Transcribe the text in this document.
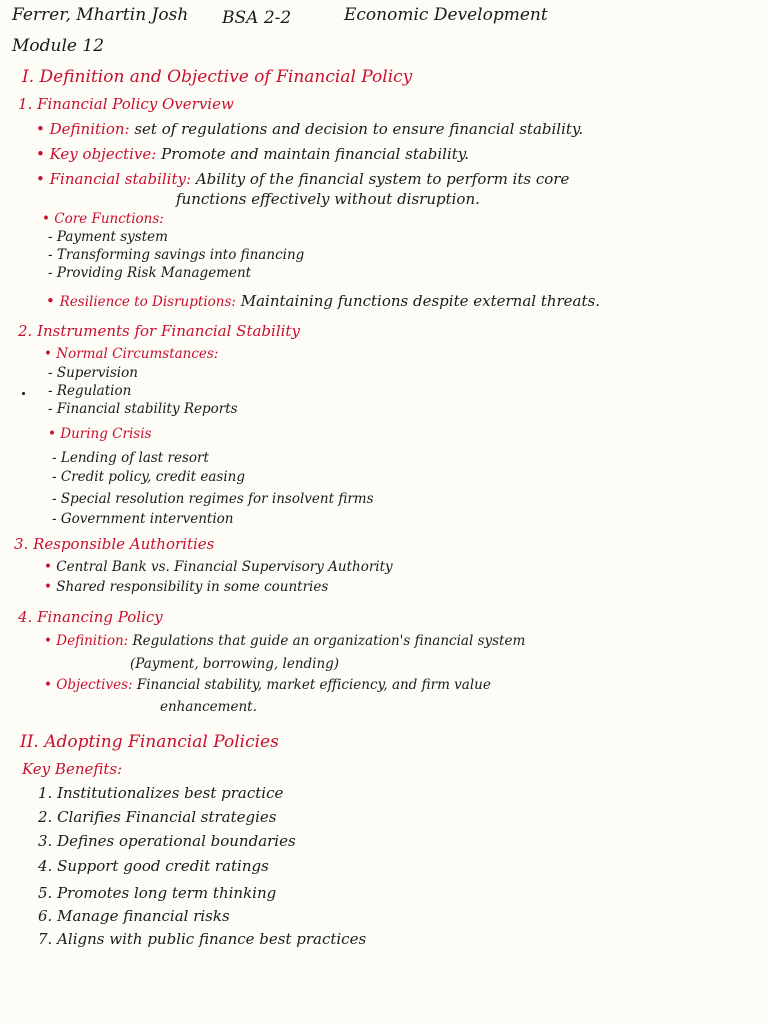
Ferrer, Mhartin Josh BSA 2-2	Economic Development
Module 12
I. Definition and Objective of Financial Policy
1. Financial Policy Overview
• Definition: set of regulations and decision to ensure financial stability.
• Key objective: Promote and maintain financial stability.
• Financial stability: Ability of the financial system to perform its core
functions effectively without disruption.
• Core Functions:
- Payment system
- Transforming savings into financing
- Providing Risk Management
• Resilience to Disruptions: Maintaining functions despite external threats.
2. Instruments for Financial Stability
• Normal Circumstances:
- Supervision
- Regulation
- Financial stability Reports
• During Crisis
- Lending of last resort
- Credit policy, credit easing
- Special resolution regimes for insolvent firms
- Government intervention
3. Responsible Authorities
• Central Bank vs. Financial Supervisory Authority
• Shared responsibility in some countries
4. Financing Policy
• Definition: Regulations that guide an organization's financial system
(Payment, borrowing, lending)
• Objectives: Financial stability, market efficiency, and firm value
enhancement.
II. Adopting Financial Policies
Key Benefits:
1. Institutionalizes best practice
2. Clarifies Financial strategies
3. Defines operational boundaries
4. Support good credit ratings
5. Promotes long term thinking
6. Manage financial risks
7. Aligns with public finance best practices
